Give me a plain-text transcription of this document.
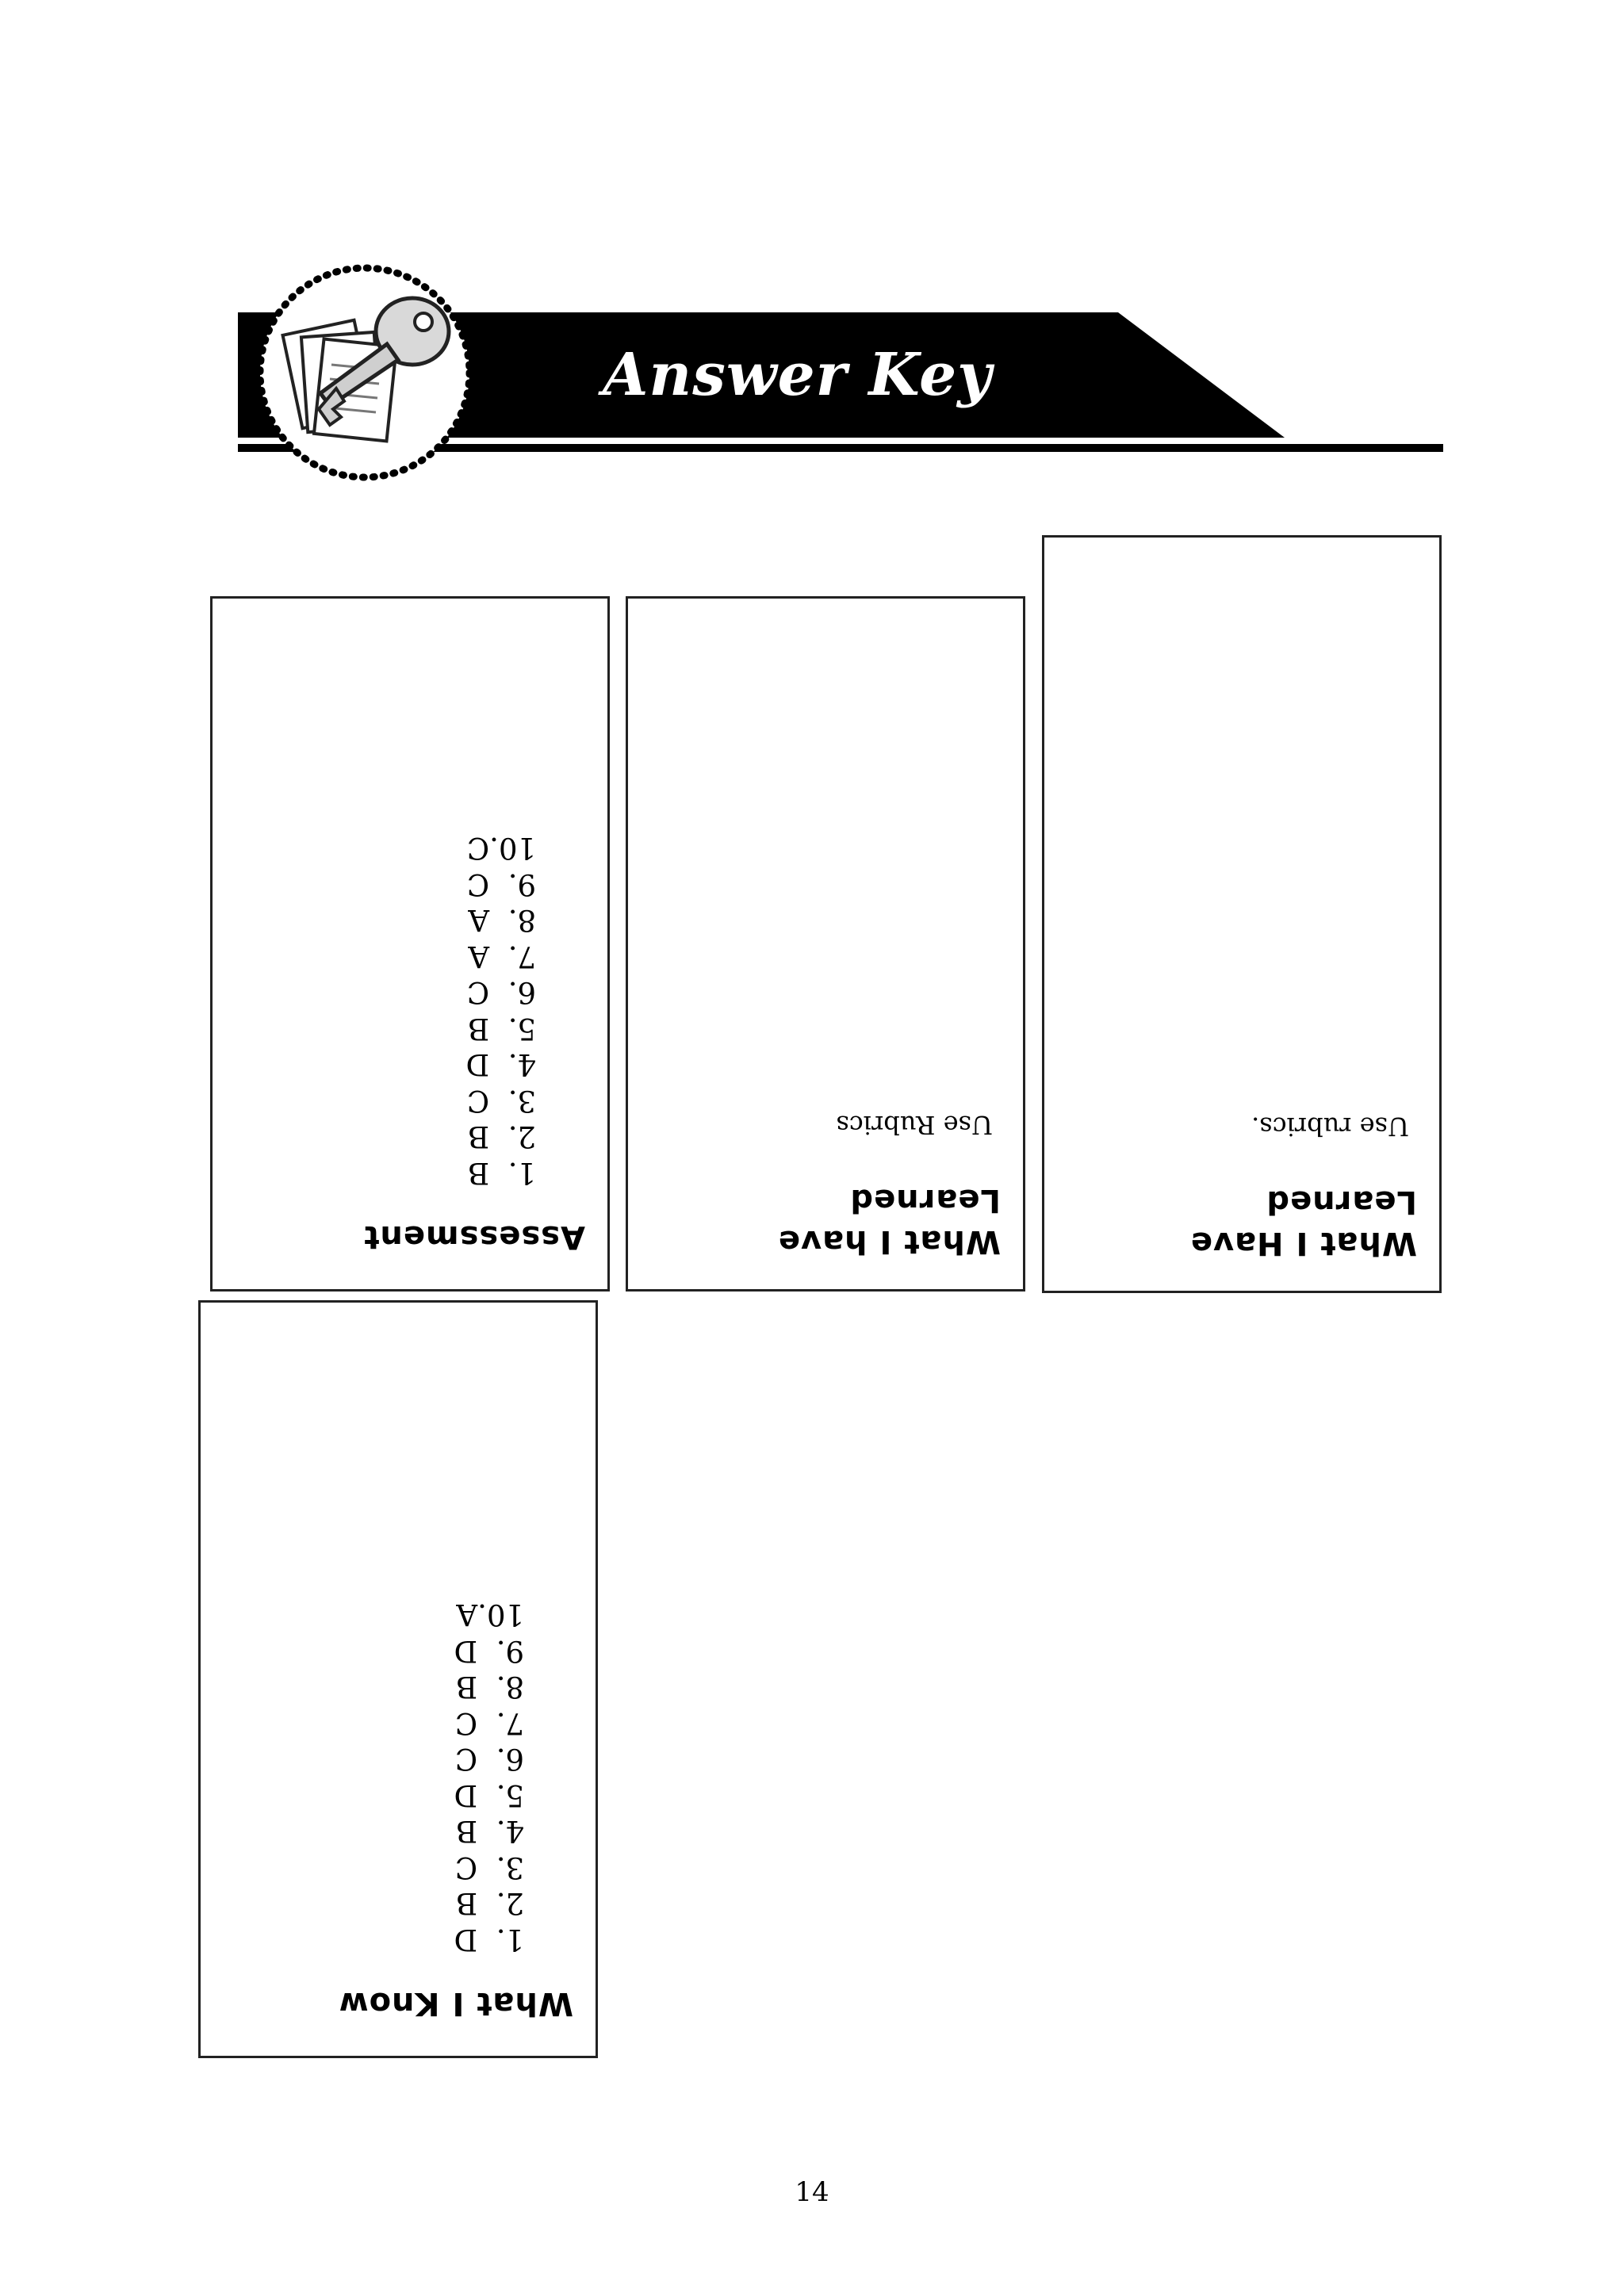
Answer Key
What I Have
Learned
Use rubrics.
What I have
Learned
Use Rubrics
Assessment
1.  B
2.  B
3.  C
4.  D
5.  B
6.  C
7.  A
8.  A
9.  C
10.C
What I Know
1.  D
2.  B
3.  C
4.  B
5.  D
6.  C
7.  C
8.  B
9.  D
10.A
14
